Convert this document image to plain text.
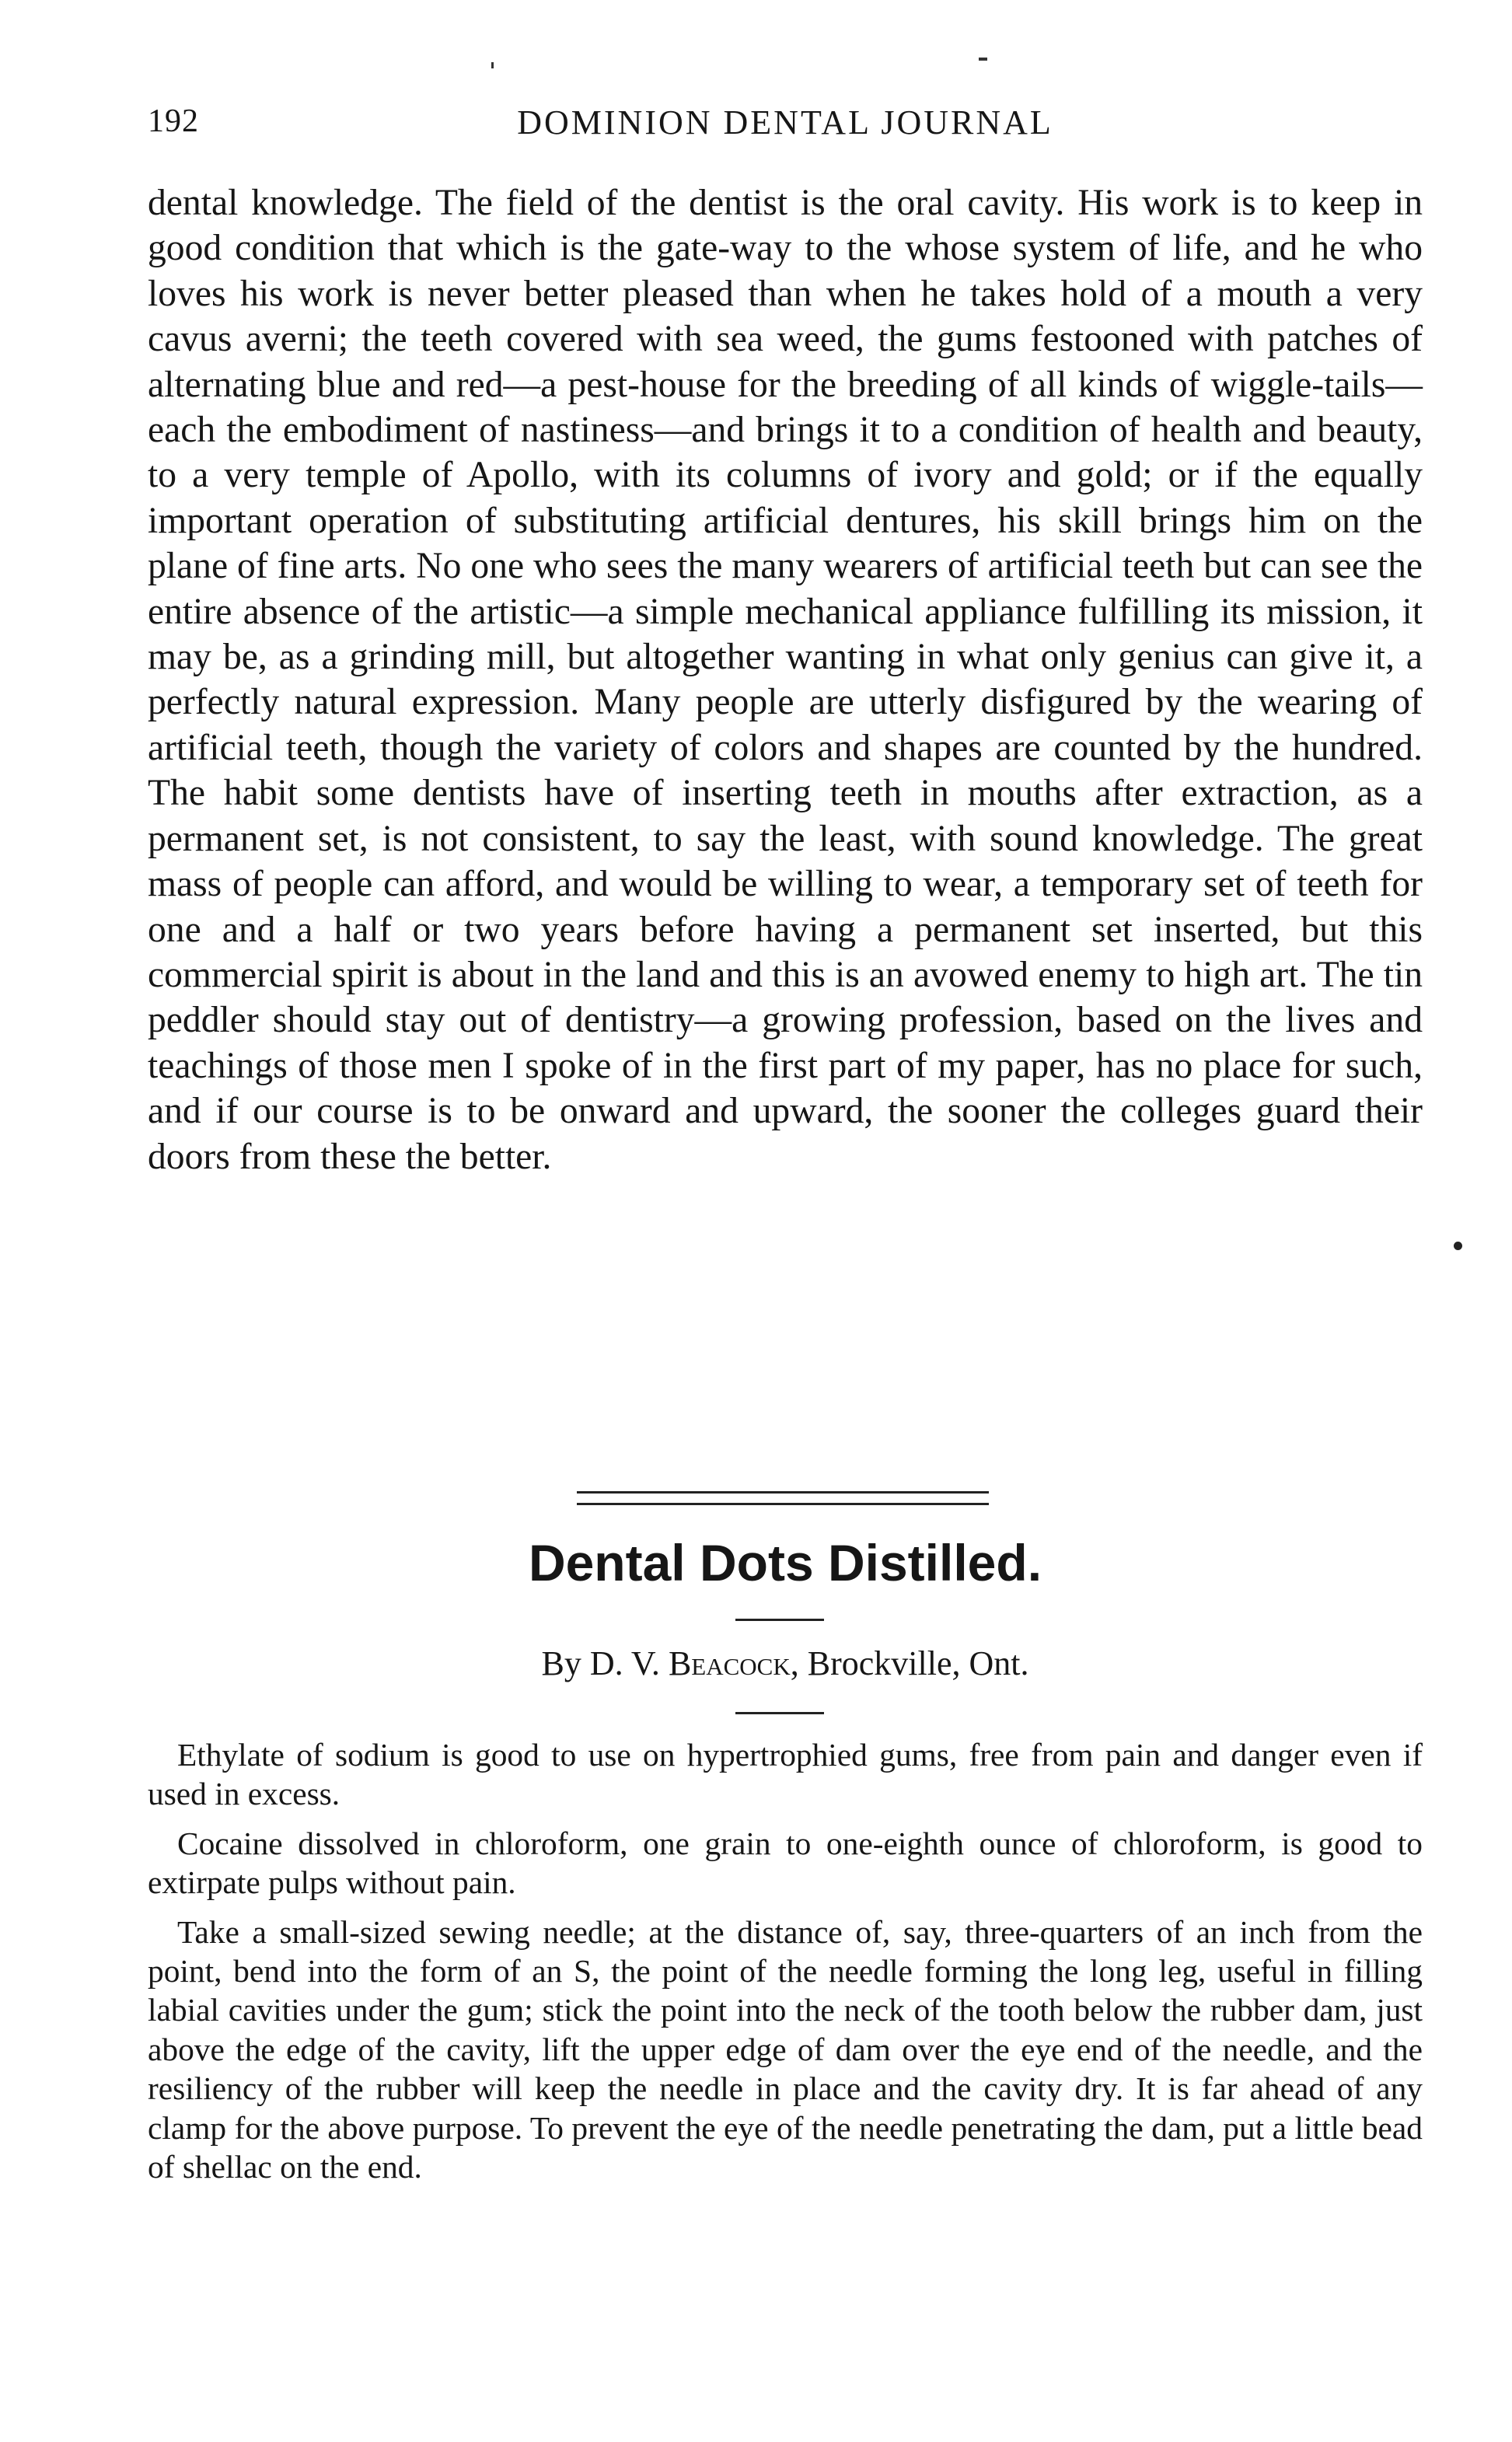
192	DOMINION DENTAL JOURNAL

dental knowledge. The field of the dentist is the oral cavity. His work is to keep in good condition that which is the gate-way to the whose system of life, and he who loves his work is never better pleased than when he takes hold of a mouth a very cavus averni; the teeth covered with sea weed, the gums festooned with patches of alternating blue and red—a pest-house for the breeding of all kinds of wiggle-tails—each the embodiment of nastiness—and brings it to a condition of health and beauty, to a very temple of Apollo, with its columns of ivory and gold; or if the equally important operation of substituting artificial dentures, his skill brings him on the plane of fine arts. No one who sees the many wearers of artificial teeth but can see the entire absence of the artistic—a simple mechanical appliance fulfilling its mission, it may be, as a grinding mill, but altogether wanting in what only genius can give it, a perfectly natural expression. Many people are utterly disfigured by the wearing of artificial teeth, though the variety of colors and shapes are counted by the hundred. The habit some dentists have of inserting teeth in mouths after extraction, as a permanent set, is not consistent, to say the least, with sound knowledge. The great mass of people can afford, and would be willing to wear, a temporary set of teeth for one and a half or two years before having a permanent set inserted, but this commercial spirit is about in the land and this is an avowed enemy to high art. The tin peddler should stay out of dentistry—a growing profession, based on the lives and teachings of those men I spoke of in the first part of my paper, has no place for such, and if our course is to be onward and upward, the sooner the colleges guard their doors from these the better.

Dental Dots Distilled.

By D. V. Beacock, Brockville, Ont.

Ethylate of sodium is good to use on hypertrophied gums, free from pain and danger even if used in excess.

Cocaine dissolved in chloroform, one grain to one-eighth ounce of chloroform, is good to extirpate pulps without pain.

Take a small-sized sewing needle; at the distance of, say, three-quarters of an inch from the point, bend into the form of an S, the point of the needle forming the long leg, useful in filling labial cavities under the gum; stick the point into the neck of the tooth below the rubber dam, just above the edge of the cavity, lift the upper edge of dam over the eye end of the needle, and the resiliency of the rubber will keep the needle in place and the cavity dry. It is far ahead of any clamp for the above purpose. To prevent the eye of the needle penetrating the dam, put a little bead of shellac on the end.
